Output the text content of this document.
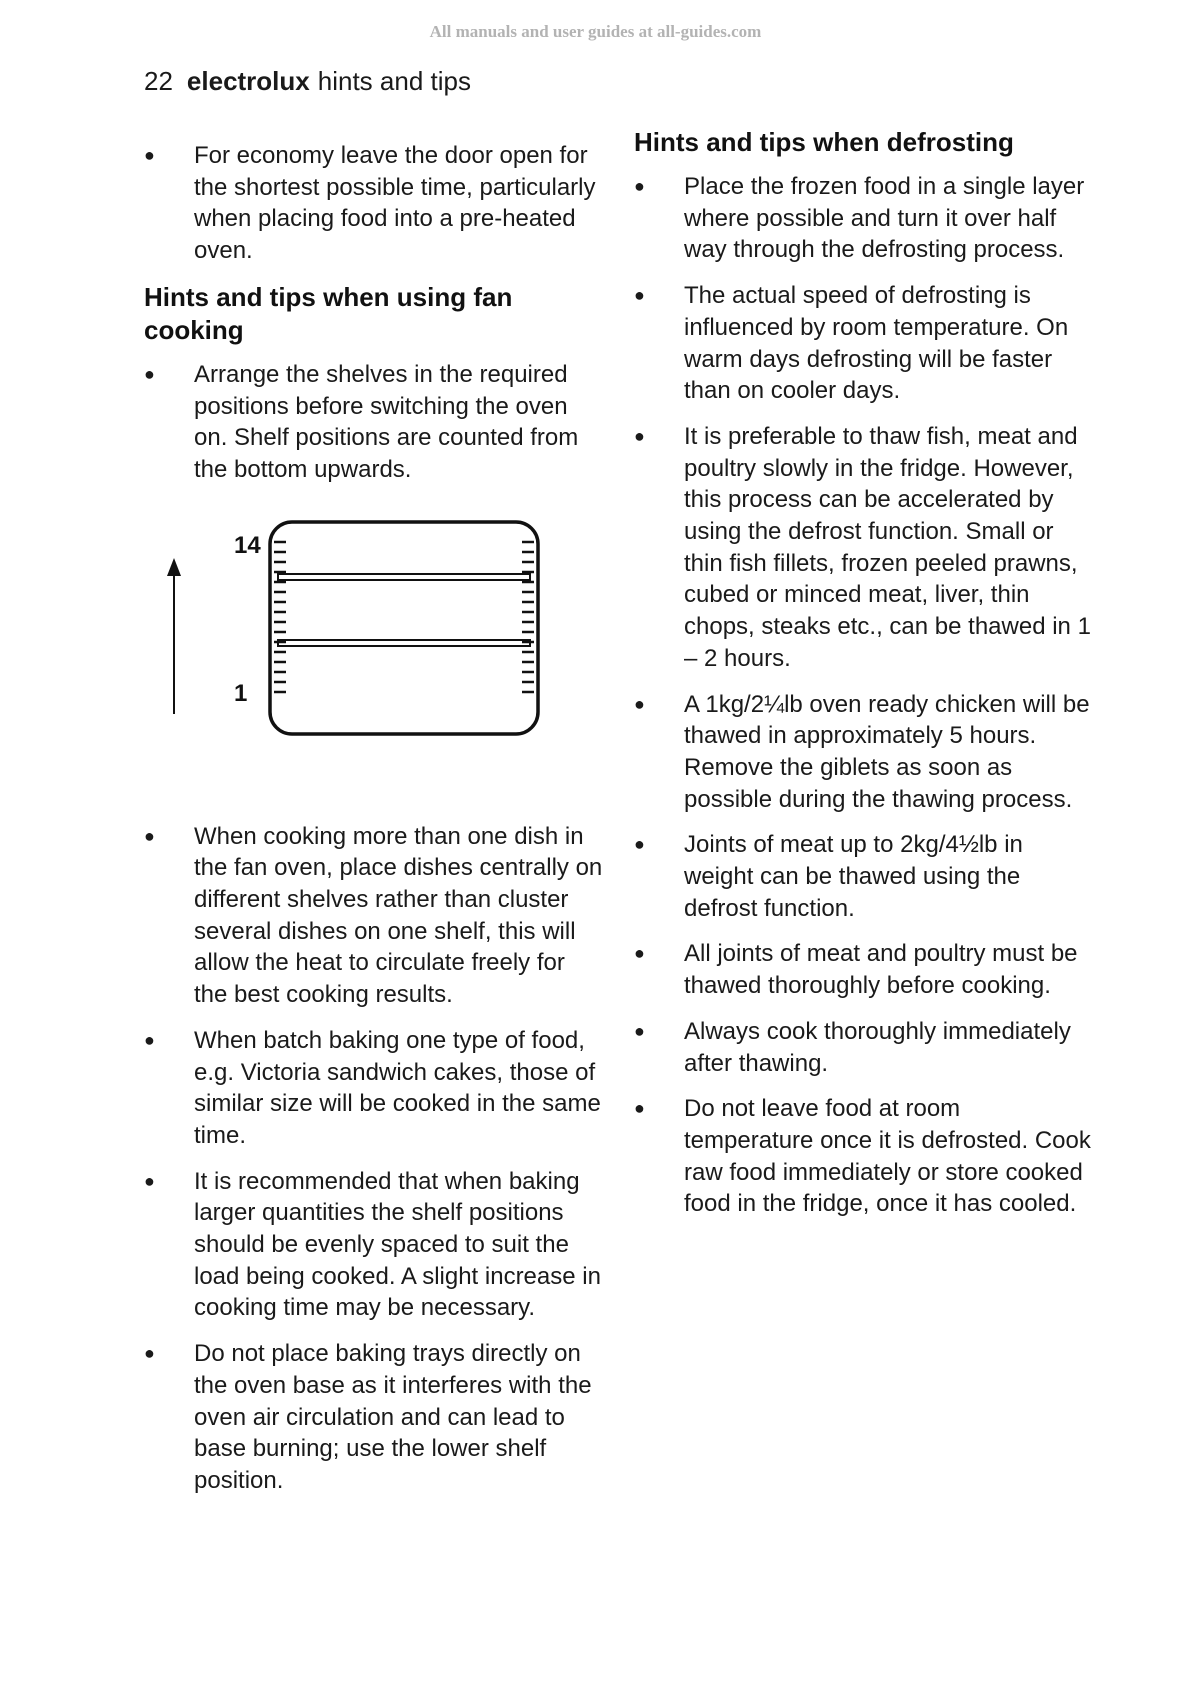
All manuals and user guides at all-guides.com
22 electrolux hints and tips
● For economy leave the door open for the shortest possible time, particularly when placing food into a pre-heated oven.
Hints and tips when using fan cooking
● Arrange the shelves in the required positions before switching the oven on. Shelf positions are counted from the bottom upwards.
14
1
● When cooking more than one dish in the fan oven, place dishes centrally on different shelves rather than cluster several dishes on one shelf, this will allow the heat to circulate freely for the best cooking results.
● When batch baking one type of food, e.g. Victoria sandwich cakes, those of similar size will be cooked in the same time.
● It is recommended that when baking larger quantities the shelf positions should be evenly spaced to suit the load being cooked. A slight increase in cooking time may be necessary.
● Do not place baking trays directly on the oven base as it interferes with the oven air circulation and can lead to base burning; use the lower shelf position.
Hints and tips when defrosting
● Place the frozen food in a single layer where possible and turn it over half way through the defrosting process.
● The actual speed of defrosting is influenced by room temperature. On warm days defrosting will be faster than on cooler days.
● It is preferable to thaw fish, meat and poultry slowly in the fridge. However, this process can be accelerated by using the defrost function. Small or thin fish fillets, frozen peeled prawns, cubed or minced meat, liver, thin chops, steaks etc., can be thawed in 1 – 2 hours.
● A 1kg/2¼lb oven ready chicken will be thawed in approximately 5 hours. Remove the giblets as soon as possible during the thawing process.
● Joints of meat up to 2kg/4½lb in weight can be thawed using the defrost function.
● All joints of meat and poultry must be thawed thoroughly before cooking.
● Always cook thoroughly immediately after thawing.
● Do not leave food at room temperature once it is defrosted. Cook raw food immediately or store cooked food in the fridge, once it has cooled.
